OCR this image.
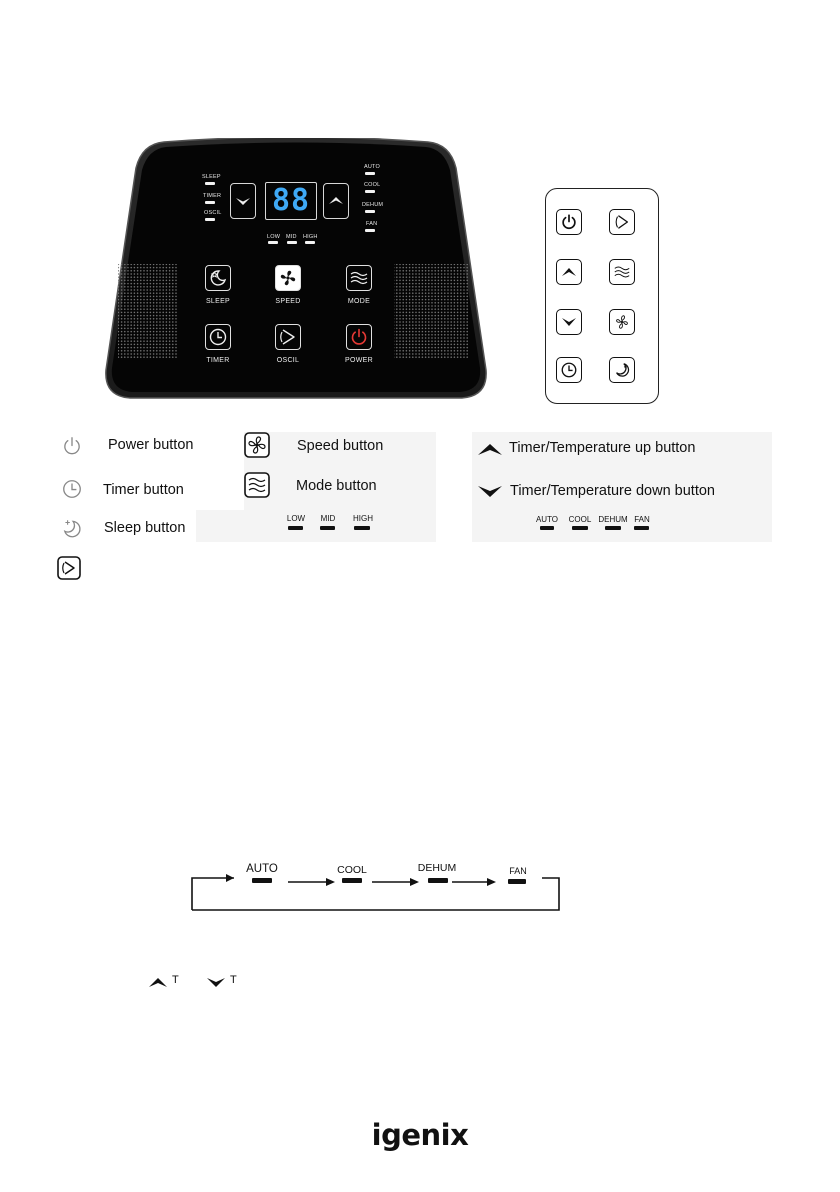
SLEEP
TIMER
OSCIL
AUTO
COOL
DEHUM
FAN
88
LOW MID HIGH
SLEEP	SPEED	MODE
TIMER	OSCIL	POWER
Power button
Timer button
Sleep button
Speed button
Mode button
LOW	MID	HIGH
Timer/Temperature up button
Timer/Temperature down button
AUTO	COOL DEHUM FAN
AUTO	COOL	DEHUM	FAN
T	T
igenix
